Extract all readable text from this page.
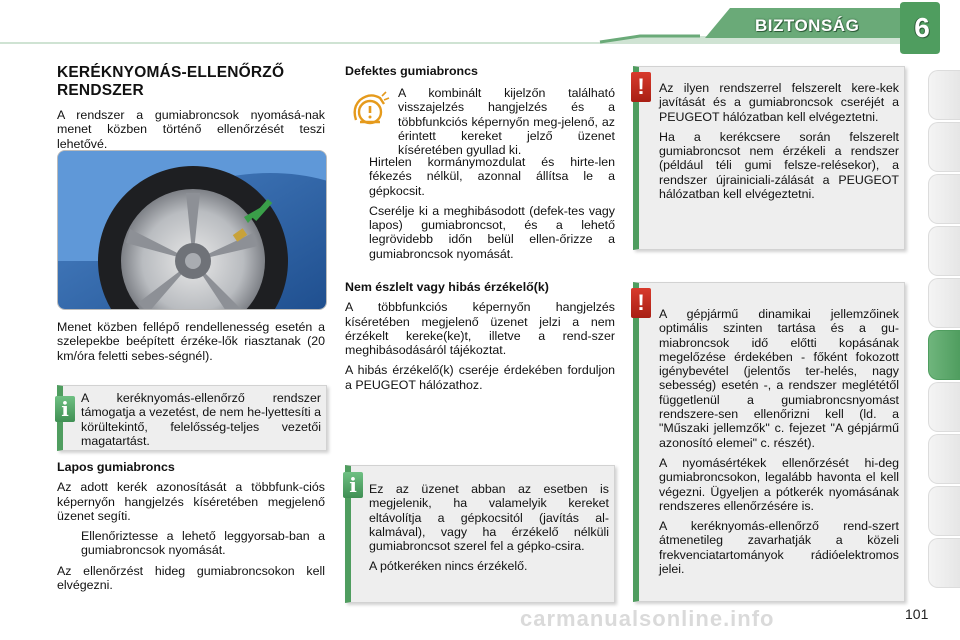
BIZTONSÁG	6
KERÉKNYOMÁS-ELLENŐRZŐ RENDSZER

A rendszer a gumiabroncsok nyomásá-nak menet közben történő ellenőrzését teszi lehetővé.

Menet közben fellépő rendellenesség esetén a szelepekbe beépített érzéke-lők riasztanak (20 km/óra feletti sebes-ségnél).

A keréknyomás-ellenőrző rendszer támogatja a vezetést, de nem he-lyettesíti a körültekintő, felelősség-teljes vezetői magatartást.

i
Lapos gumiabroncs

Az adott kerék azonosítását a többfunk-ciós képernyőn hangjelzés kíséretében megjelenő üzenet segíti.

Ellenőriztesse a lehető leggyorsab-ban a gumiabroncsok nyomását.

Az ellenőrzést hideg gumiabroncsokon kell elvégezni.

Defektes gumiabroncs

A kombinált kijelzőn található visszajelzés hangjelzés és a többfunkciós képernyőn meg-jelenő, az érintett kereket jelző üzenet kíséretében gyullad ki.

Hirtelen kormánymozdulat és hirte-len fékezés nélkül, azonnal állítsa le a gépkocsit.
Cserélje ki a meghibásodott (defek-tes vagy lapos) gumiabroncsot, és a lehető legrövidebb időn belül ellen-őrizze a gumiabroncsok nyomását.
Nem észlelt vagy hibás érzékelő(k)

A többfunkciós képernyőn hangjelzés kíséretében megjelenő üzenet jelzi a nem érzékelt kereke(ke)t, illetve a rend-szer meghibásodásáról tájékoztat.

A hibás érzékelő(k) cseréje érdekében forduljon a PEUGEOT hálózathoz.

Ez az üzenet abban az esetben is megjelenik, ha valamelyik kereket eltávolítja a gépkocsitól (javítás al-kalmával), vagy ha érzékelő nélküli gumiabroncsot szerel fel a gépko-csira.

A pótkeréken nincs érzékelő.

i

Az ilyen rendszerrel felszerelt kere-kek javítását és a gumiabroncsok cseréjét a PEUGEOT hálózatban kell elvégeztetni.

Ha a kerékcsere során felszerelt gumiabroncsot nem érzékeli a rendszer (például téli gumi felsze-relésekor), a rendszer újrainiciali-zálását a PEUGEOT hálózatban kell elvégeztetni.

!

A gépjármű dinamikai jellemzőinek optimális szinten tartása és a gu-miabroncsok idő előtti kopásának megelőzése érdekében - főként fokozott igénybevétel (jelentős ter-helés, nagy sebesség) esetén -, a rendszer meglététől függetlenül a gumiabroncsnyomást rendszere-sen ellenőrizni kell (ld. a "Műszaki jellemzők" c. fejezet "A gépjármű azonosító elemei" c. részét).

A nyomásértékek ellenőrzését hi-deg gumiabroncsokon, legalább havonta el kell végezni. Ügyeljen a pótkerék nyomásának rendszeres ellenőrzésére is.

A keréknyomás-ellenőrző rend-szert átmenetileg zavarhatják a közeli frekvenciatartományok rádióelektromos jelei.

!
carmanualsonline.info	101
